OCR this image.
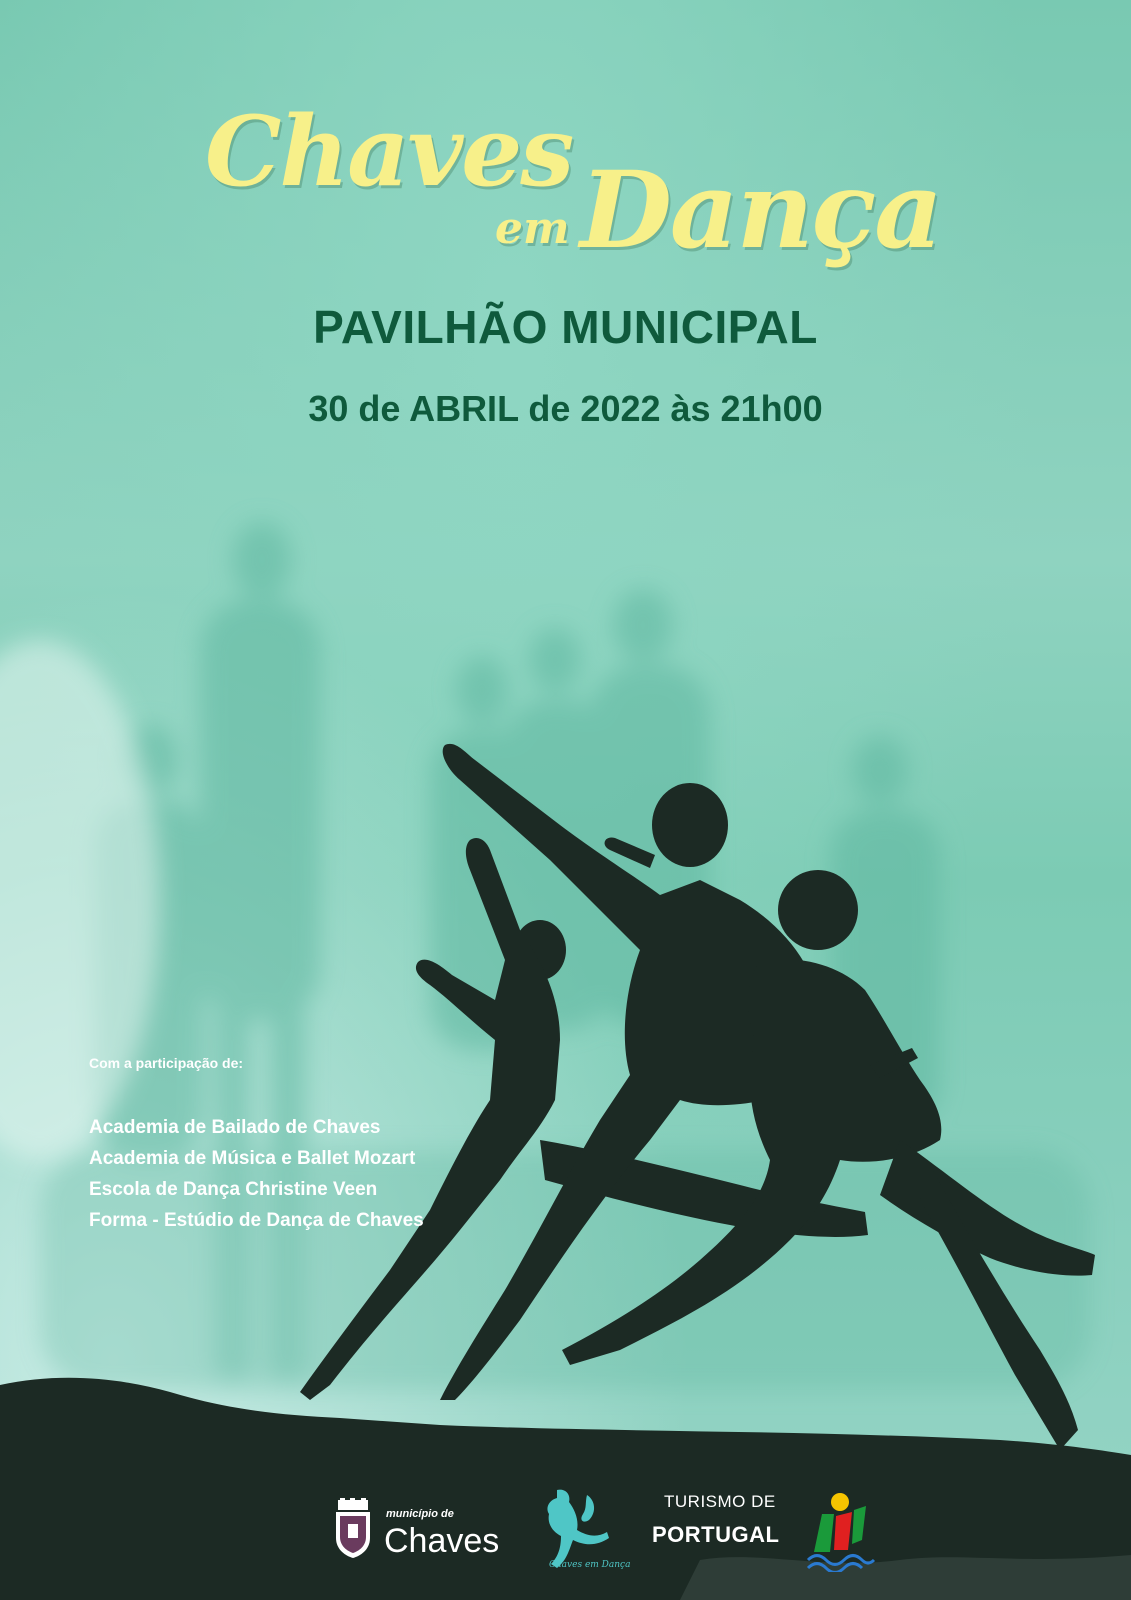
Chaves
em Dança
PAVILHÃO MUNICIPAL
30 de ABRIL de 2022 às 21h00
Com a participação de:
Academia de Bailado de Chaves
Academia de Música e Ballet Mozart
Escola de Dança Christine Veen
Forma - Estúdio de Dança de Chaves
município de
Chaves
Chaves em Dança
TURISMO DE
PORTUGAL
